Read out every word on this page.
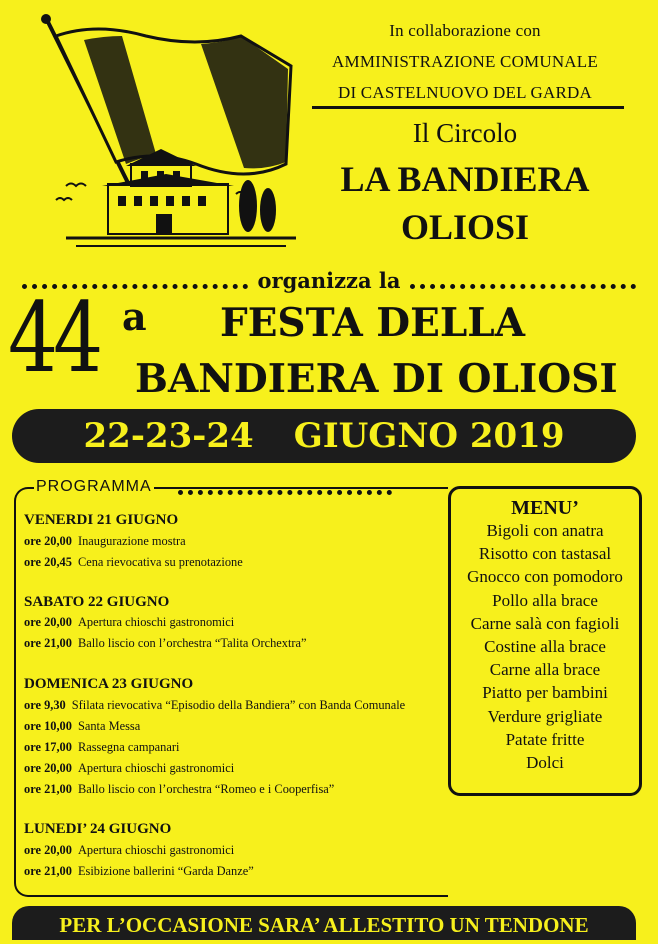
In collaborazione con
AMMINISTRAZIONE COMUNALE
DI CASTELNUOVO DEL GARDA
Il Circolo
LA BANDIERA
OLIOSI
organizza la
44 a FESTA DELLA
BANDIERA DI OLIOSI
22-23-24 GIUGNO 2019
PROGRAMMA
VENERDI 21 GIUGNO
ore 20,00 Inaugurazione mostra
ore 20,45 Cena rievocativa su prenotazione
SABATO 22 GIUGNO
ore 20,00 Apertura chioschi gastronomici
ore 21,00 Ballo liscio con l’orchestra “Talita Orchextra”
DOMENICA 23 GIUGNO
ore 9,30 Sfilata rievocativa “Episodio della Bandiera” con Banda Comunale
ore 10,00 Santa Messa
ore 17,00 Rassegna campanari
ore 20,00 Apertura chioschi gastronomici
ore 21,00 Ballo liscio con l’orchestra “Romeo e i Cooperfisa”
LUNEDI’ 24 GIUGNO
ore 20,00 Apertura chioschi gastronomici
ore 21,00 Esibizione ballerini “Garda Danze”
MENU’
Bigoli con anatra
Risotto con tastasal
Gnocco con pomodoro
Pollo alla brace
Carne salà con fagioli
Costine alla brace
Carne alla brace
Piatto per bambini
Verdure grigliate
Patate fritte
Dolci
PER L’OCCASIONE SARA’ ALLESTITO UN TENDONE
